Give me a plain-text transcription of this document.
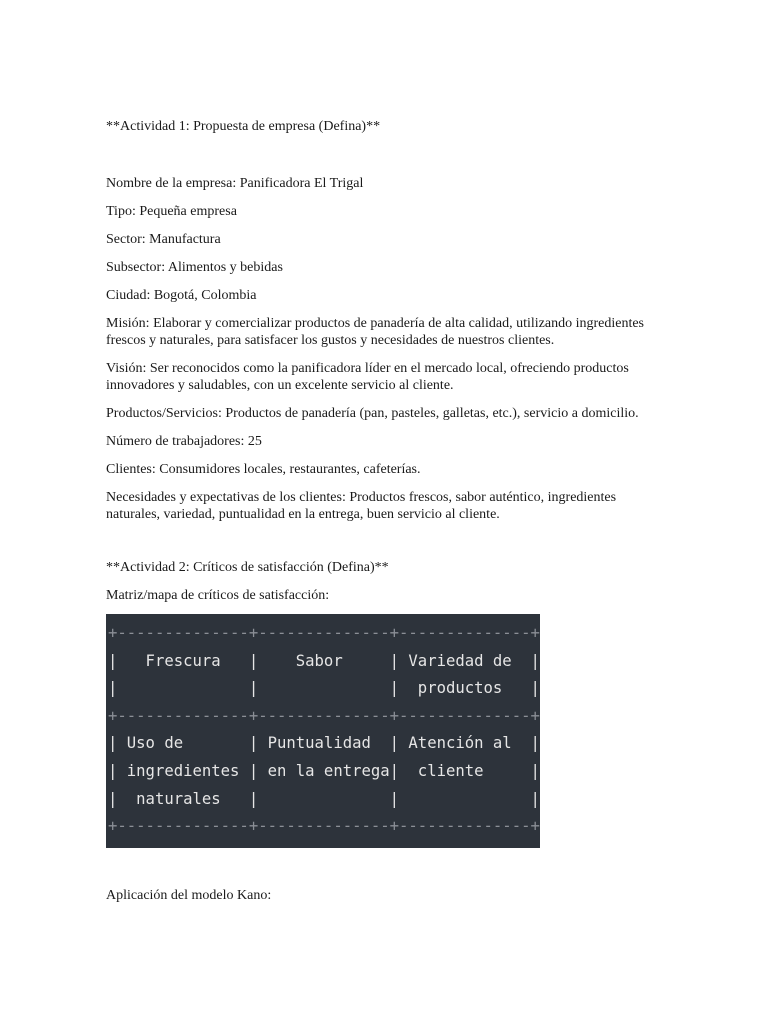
**Actividad 1: Propuesta de empresa (Defina)**

Nombre de la empresa: Panificadora El Trigal

Tipo: Pequeña empresa

Sector: Manufactura

Subsector: Alimentos y bebidas

Ciudad: Bogotá, Colombia

Misión: Elaborar y comercializar productos de panadería de alta calidad, utilizando ingredientes frescos y naturales, para satisfacer los gustos y necesidades de nuestros clientes.

Visión: Ser reconocidos como la panificadora líder en el mercado local, ofreciendo productos innovadores y saludables, con un excelente servicio al cliente.

Productos/Servicios: Productos de panadería (pan, pasteles, galletas, etc.), servicio a domicilio.

Número de trabajadores: 25

Clientes: Consumidores locales, restaurantes, cafeterías.

Necesidades y expectativas de los clientes: Productos frescos, sabor auténtico, ingredientes naturales, variedad, puntualidad en la entrega, buen servicio al cliente.

**Actividad 2: Críticos de satisfacción (Defina)**

Matriz/mapa de críticos de satisfacción:

+--------------+--------------+--------------+
|   Frescura   |    Sabor     | Variedad de  |
|              |              |  productos   |
+--------------+--------------+--------------+
| Uso de       | Puntualidad  | Atención al  |
| ingredientes | en la entrega|  cliente     |
|  naturales   |              |              |
+--------------+--------------+--------------+

Aplicación del modelo Kano:
